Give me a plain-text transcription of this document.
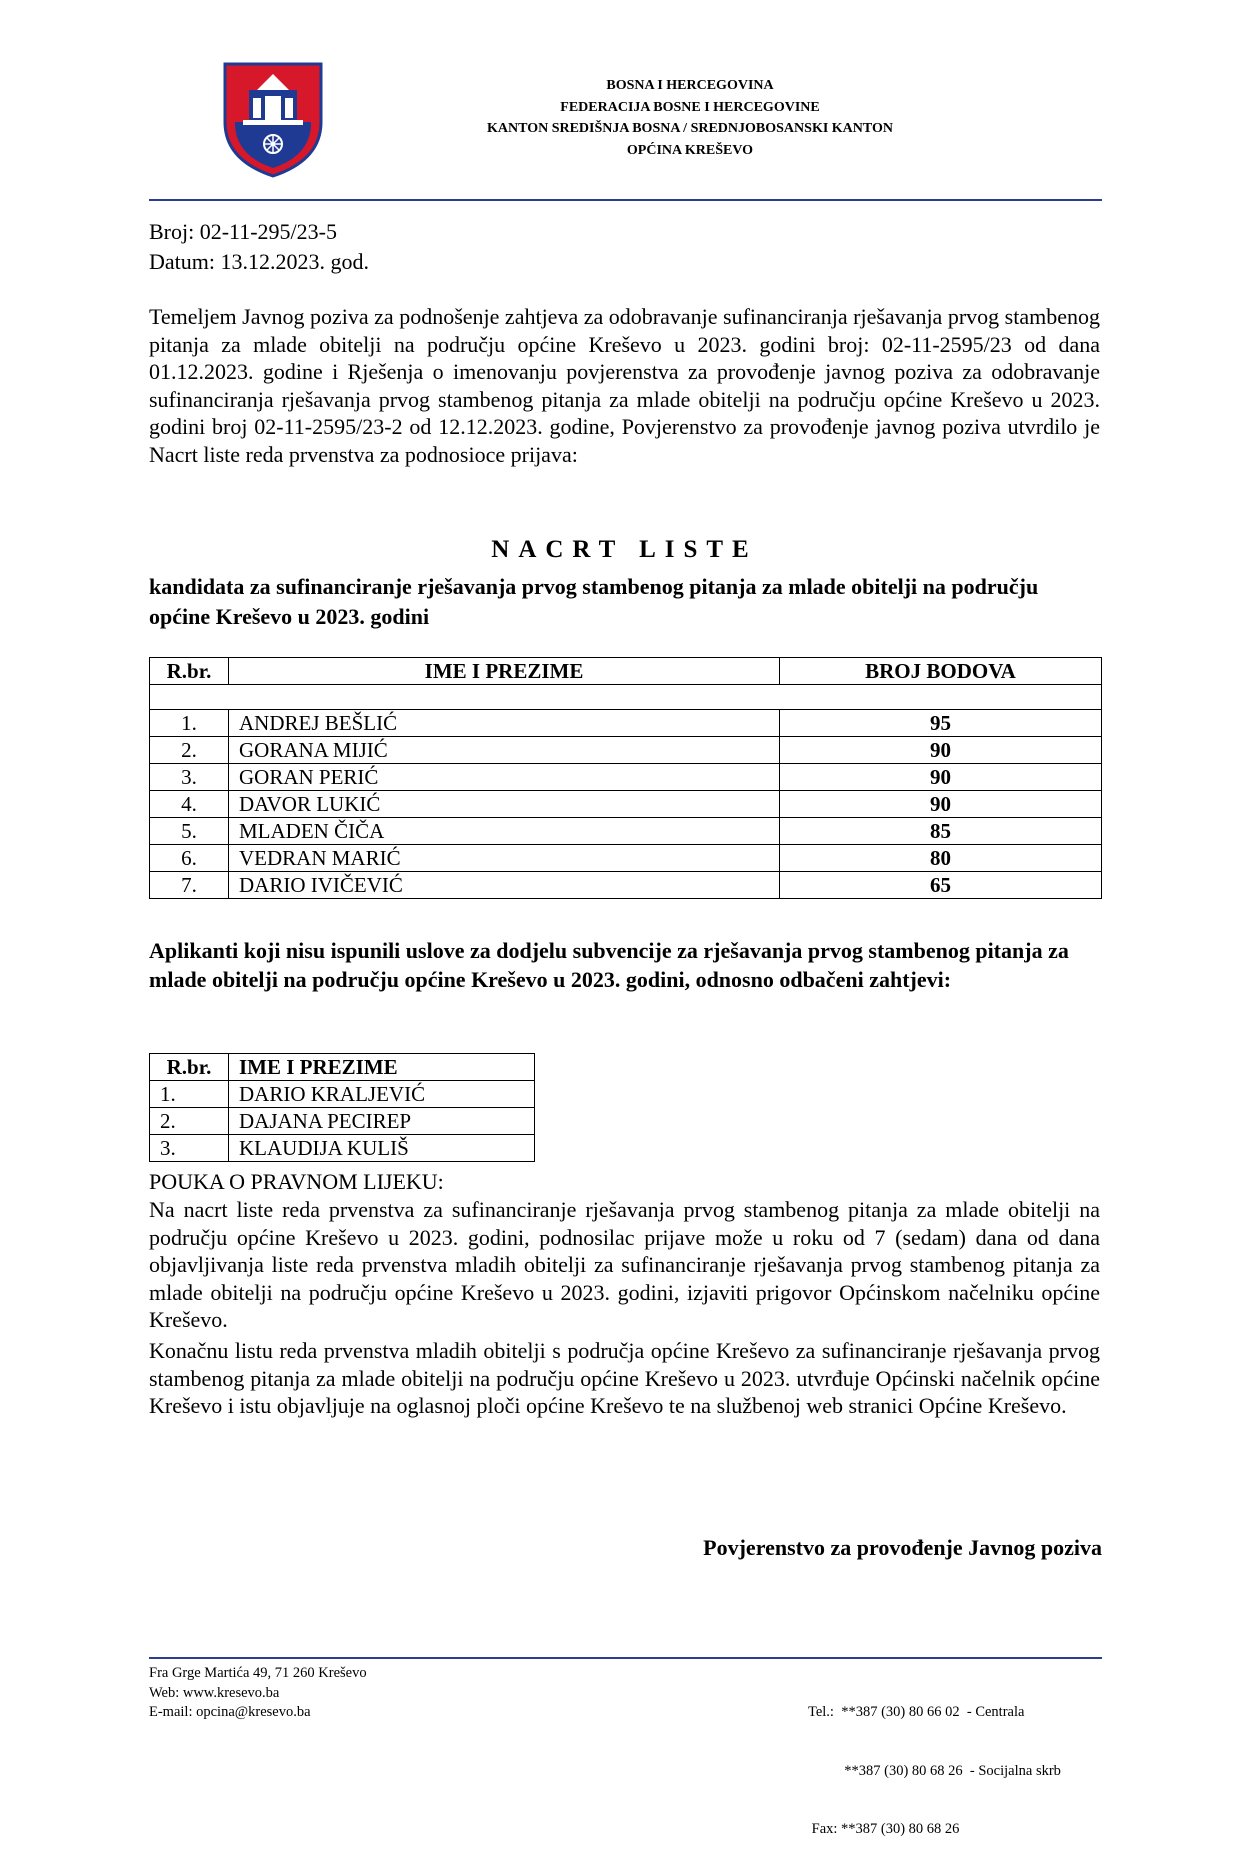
BOSNA I HERCEGOVINA
FEDERACIJA BOSNE I HERCEGOVINE
KANTON SREDIŠNJA BOSNA / SREDNJOBOSANSKI KANTON
OPĆINA KREŠEVO
Broj: 02-11-295/23-5
Datum: 13.12.2023. god.
Temeljem Javnog poziva za podnošenje zahtjeva za odobravanje sufinanciranja rješavanja prvog stambenog pitanja za mlade obitelji na području općine Kreševo u 2023. godini broj: 02-11-2595/23 od dana 01.12.2023. godine i Rješenja o imenovanju povjerenstva za provođenje javnog poziva za odobravanje sufinanciranja rješavanja prvog stambenog pitanja za mlade obitelji na području općine Kreševo u 2023. godini broj 02-11-2595/23-2 od 12.12.2023. godine, Povjerenstvo za provođenje javnog poziva utvrdilo je Nacrt liste reda prvenstva za podnosioce prijava:
NACRT LISTE
kandidata za sufinanciranje rješavanja prvog stambenog pitanja za mlade obitelji na području općine Kreševo u 2023. godini
R.br.	IME I PREZIME	BROJ BODOVA

1.	ANDREJ BEŠLIĆ	95
2.	GORANA MIJIĆ	90
3.	GORAN PERIĆ	90
4.	DAVOR LUKIĆ	90
5.	MLADEN ČIČA	85
6.	VEDRAN MARIĆ	80
7.	DARIO IVIČEVIĆ	65
Aplikanti koji nisu ispunili uslove za dodjelu subvencije za rješavanja prvog stambenog pitanja za mlade obitelji na području općine Kreševo u 2023. godini, odnosno odbačeni zahtjevi:
R.br.	IME I PREZIME
1.	DARIO KRALJEVIĆ
2.	DAJANA PECIREP
3.	KLAUDIJA KULIŠ
POUKA O PRAVNOM LIJEKU:
Na nacrt liste reda prvenstva za sufinanciranje rješavanja prvog stambenog pitanja za mlade obitelji na području općine Kreševo u 2023. godini, podnosilac prijave može u roku od 7 (sedam) dana od dana objavljivanja liste reda prvenstva mladih obitelji za sufinanciranje rješavanja prvog stambenog pitanja za mlade obitelji na području općine Kreševo u 2023. godini, izjaviti prigovor Općinskom načelniku općine Kreševo.
Konačnu listu reda prvenstva mladih obitelji s područja općine Kreševo za sufinanciranje rješavanja prvog stambenog pitanja za mlade obitelji na području općine Kreševo u 2023. utvrđuje Općinski načelnik općine Kreševo i istu objavljuje na oglasnoj ploči općine Kreševo te na službenoj web stranici Općine Kreševo.
Povjerenstvo za provođenje Javnog poziva
Fra Grge Martića 49, 71 260 Kreševo
Web: www.kresevo.ba
E-mail: opcina@kresevo.ba

	Tel.:  **387 (30) 80 66 02  - Centrala

**387 (30) 80 68 26  - Socijalna skrb

Fax: **387 (30) 80 68 26
